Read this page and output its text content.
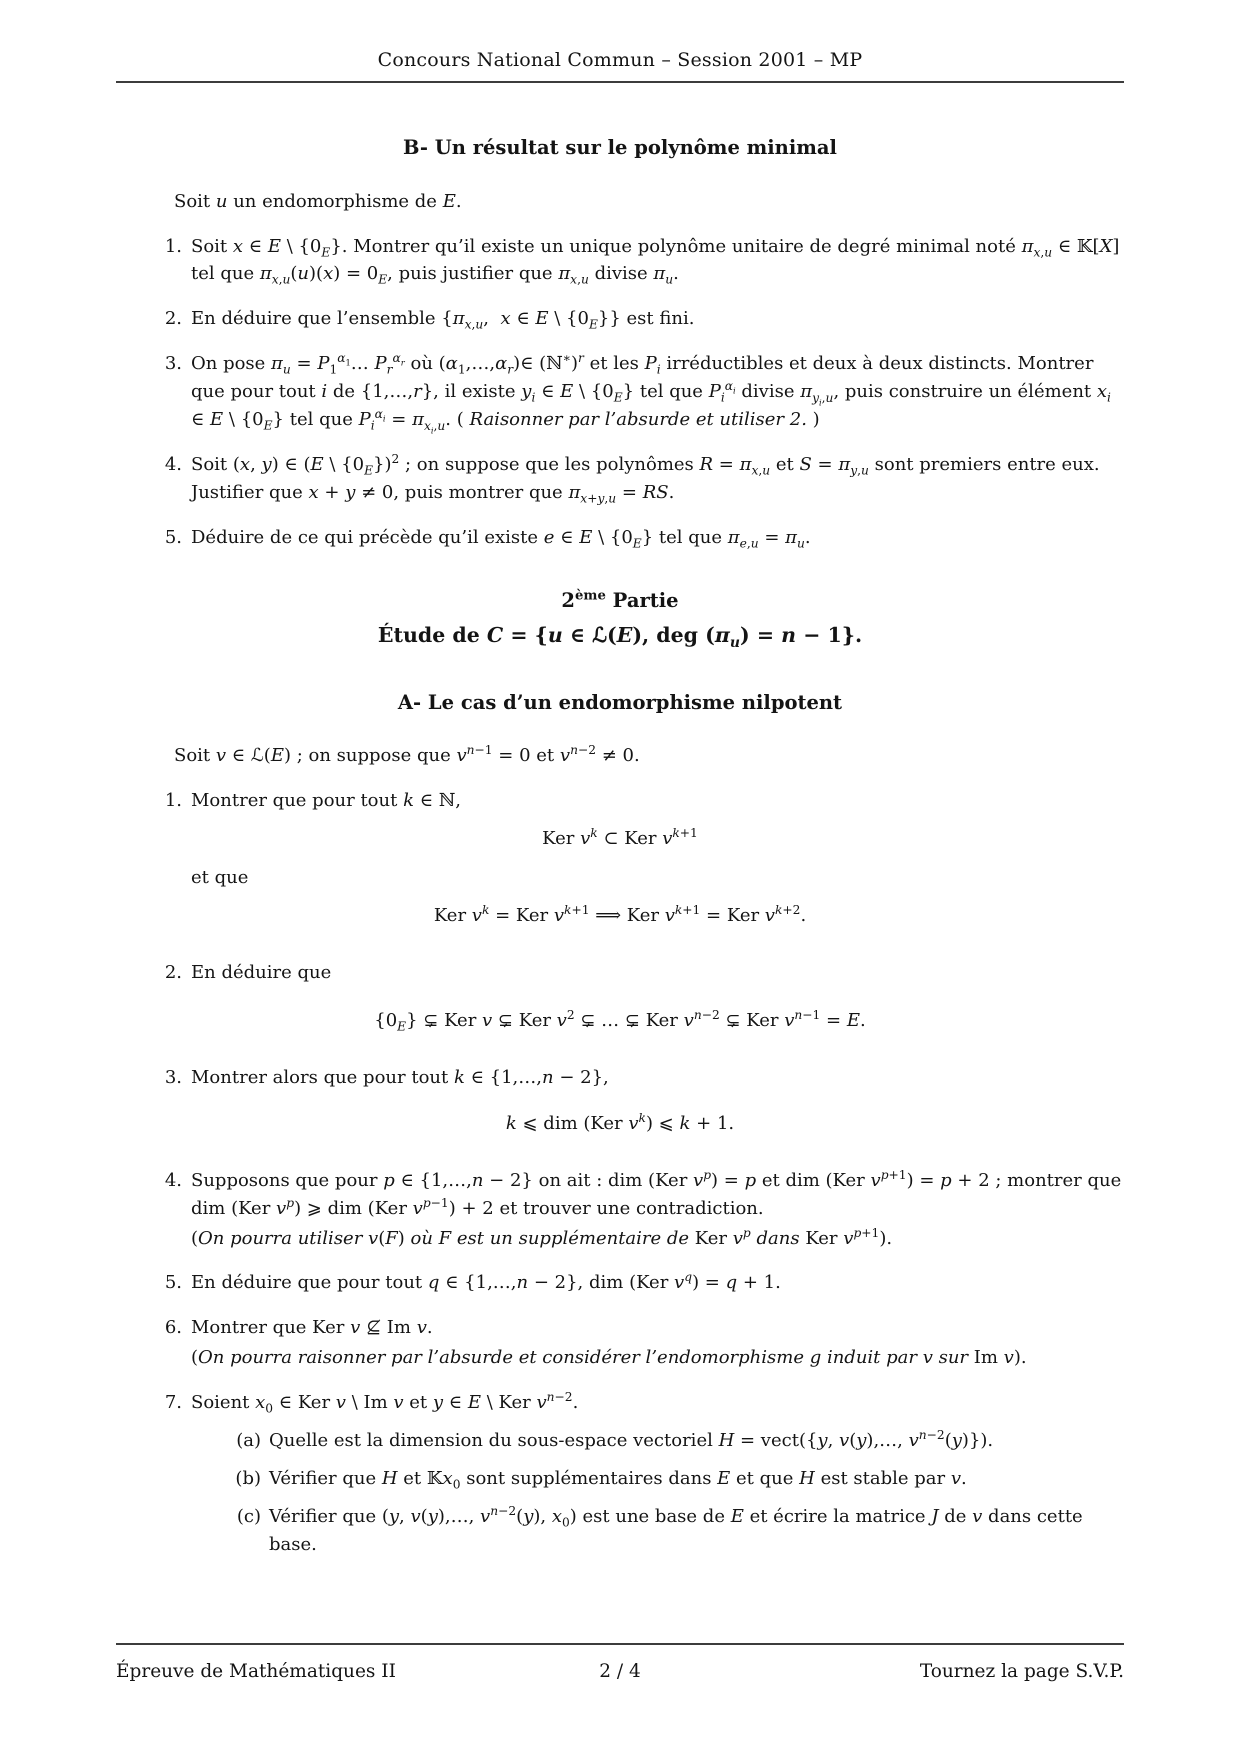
Concours National Commun – Session 2001 – MP
B- Un résultat sur le polynôme minimal

Soit u un endomorphisme de E.

1. Soit x ∈ E \ $\{0_E\}$. Montrer qu’il existe un unique polynôme unitaire de degré minimal noté $\pi_{x,u}$ ∈ 𝕂[X] tel que $\pi_{x,u}(u)(x) = 0_E$, puis justifier que $\pi_{x,u}$ divise $\pi_u$.
2. En déduire que l’ensemble {$\pi_{x,u}$,  x ∈ E \ $\{0_E\}$} est fini.
3. On pose $\pi_u$ = $P_1^{\alpha_1}\dots$ $P_r^{\alpha_r}$ où $(\alpha_1,\dots,\alpha_r)\in$ (ℕ∗)$^r$ et les $P_i$ irréductibles et deux à deux distincts. Montrer que pour tout i de {1,…,r}, il existe $y_i$ ∈ E \ $\{0_E\}$ tel que $P_i^{\alpha_i}$ divise $\pi_{y_i,u}$, puis construire un élément $x_i$ ∈ E \ $\{0_E\}$ tel que $P_i^{\alpha_i} = \pi_{x_i,u}$. ( Raisonner par l’absurde et utiliser 2. )
4. Soit (x, y) ∈ (E \ $\{0_E\})^2$ ; on suppose que les polynômes $R = \pi_{x,u}$ et $S = \pi_{y,u}$ sont premiers entre eux. Justifier que x + y ≠ 0, puis montrer que $\pi_{x+y,u}$ = RS.
5. Déduire de ce qui précède qu’il existe e ∈ E \ $\{0_E\}$ tel que $\pi_{e,u} = \pi_u$.
2ème Partie
Étude de C = {u ∈ ℒ(E), deg $(\pi_u) = n - 1$}.
A- Le cas d’un endomorphisme nilpotent

Soit v ∈ ℒ(E) ; on suppose que $v^{n-1} = 0$ et $v^{n-2} \ne 0$.

1. Montrer que pour tout k ∈ ℕ,
Ker $v^k$ ⊂ Ker $v^{k+1}$
et que
Ker $v^k$ = Ker $v^{k+1}$ ⟹ Ker $v^{k+1}$ = Ker $v^{k+2}$.
2. En déduire que
$\{0_E\}$ ⊊ Ker v ⊊ Ker $v^2$ ⊊ … ⊊ Ker $v^{n-2}$ ⊊ Ker $v^{n-1} = E$.
3. Montrer alors que pour tout k ∈ {1,…,n − 2},
k ⩽ dim (Ker $v^k$) ⩽ k + 1.
4. Supposons que pour p ∈ {1,…,n − 2} on ait : dim (Ker $v^p) = p$ et dim (Ker $v^{p+1}) = p + 2$ ; montrer que dim (Ker $v^p$) ⩾ dim (Ker $v^{p-1}) + 2$ et trouver une contradiction.
(On pourra utiliser v(F) où F est un supplémentaire de Ker $v^p$ dans Ker $v^{p+1}$).
5. En déduire que pour tout q ∈ {1,…,n − 2}, dim (Ker $v^q) = q + 1$.
6. Montrer que Ker v ⊈ Im v.
(On pourra raisonner par l’absurde et considérer l’endomorphisme g induit par v sur Im v).
7. Soient $x_0$ ∈ Ker v \ Im v et y ∈ E \ Ker $v^{n-2}$.
(a) Quelle est la dimension du sous-espace vectoriel H = vect({y, v(y),…, $v^{n-2}(y)$}).
(b) Vérifier que H et 𝕂x$_0$ sont supplémentaires dans E et que H est stable par v.
(c) Vérifier que (y, v(y),…, $v^{n-2}(y)$, $x_0$) est une base de E et écrire la matrice J de v dans cette base.
2 / 4
Épreuve de Mathématiques II	Tournez la page S.V.P.
